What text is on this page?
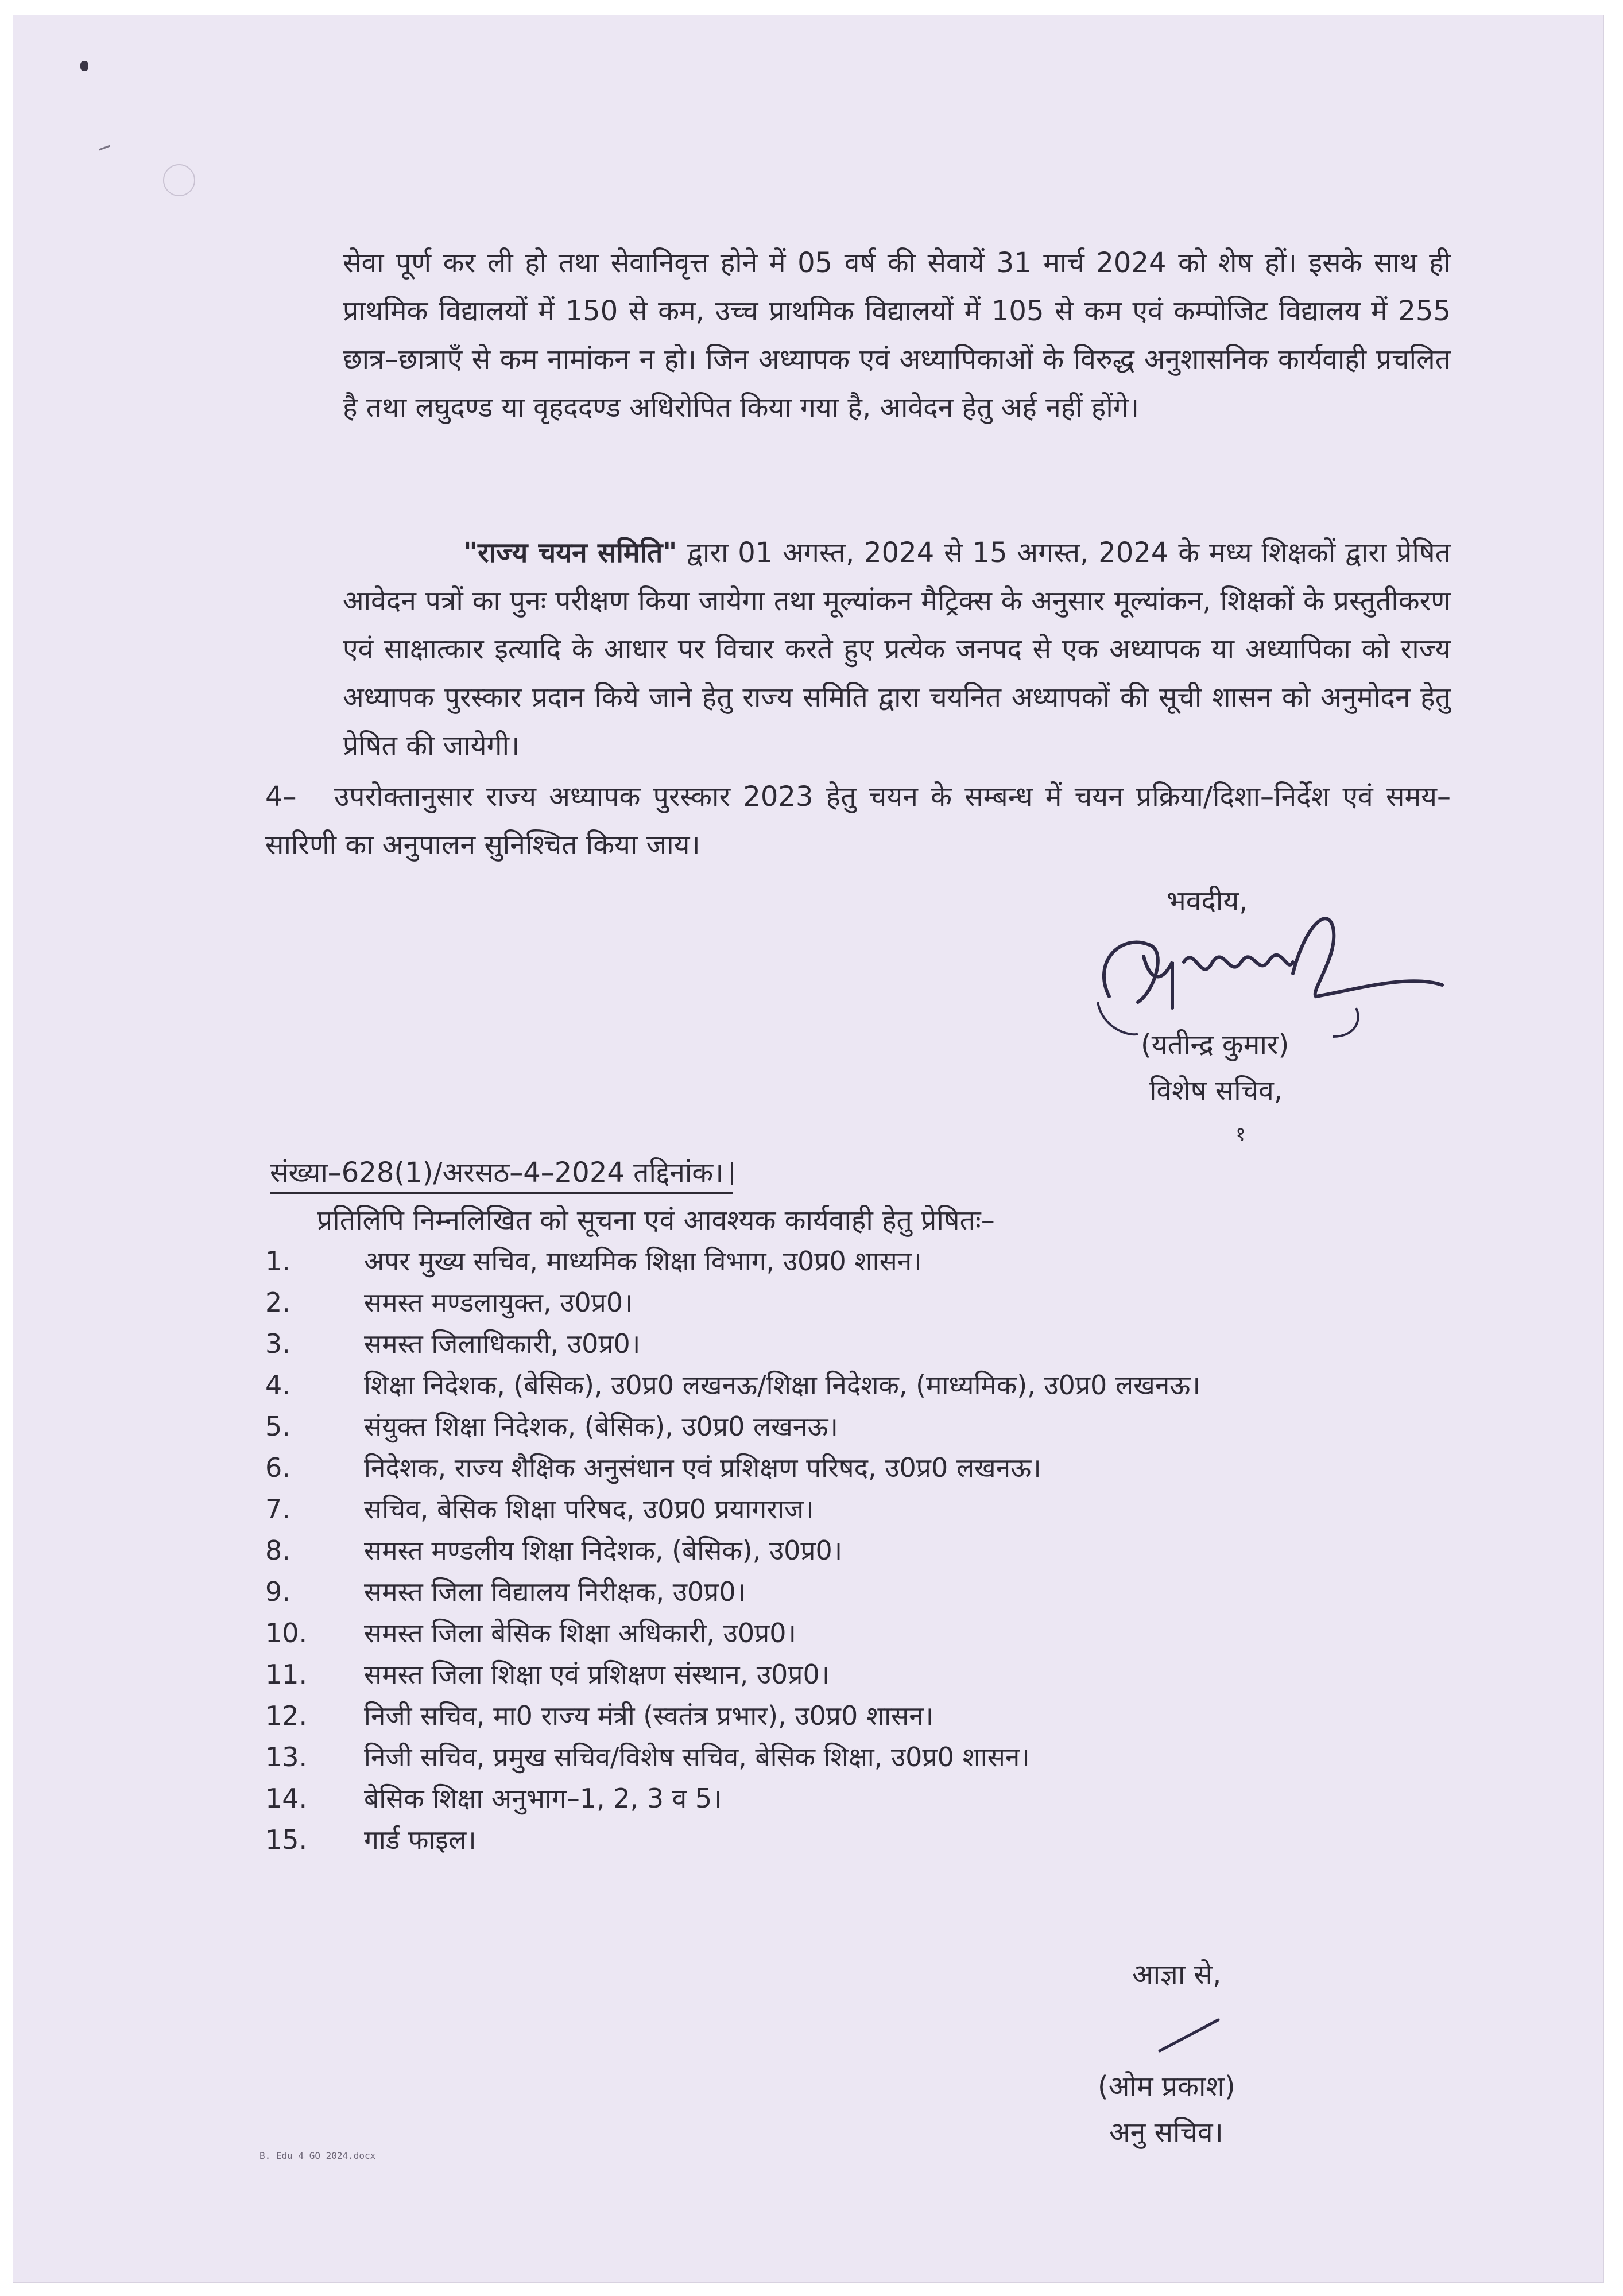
सेवा पूर्ण कर ली हो तथा सेवानिवृत्त होने में 05 वर्ष की सेवायें 31 मार्च 2024 को शेष हों। इसके साथ ही प्राथमिक विद्यालयों में 150 से कम, उच्च प्राथमिक विद्यालयों में 105 से कम एवं कम्पोजिट विद्यालय में 255 छात्र–छात्राएँ से कम नामांकन न हो। जिन अध्यापक एवं अध्यापिकाओं के विरुद्ध अनुशासनिक कार्यवाही प्रचलित है तथा लघुदण्ड या वृहददण्ड अधिरोपित किया गया है, आवेदन हेतु अर्ह नहीं होंगे।
"राज्य चयन समिति" द्वारा 01 अगस्त, 2024 से 15 अगस्त, 2024 के मध्य शिक्षकों द्वारा प्रेषित आवेदन पत्रों का पुनः परीक्षण किया जायेगा तथा मूल्यांकन मैट्रिक्स के अनुसार मूल्यांकन, शिक्षकों के प्रस्तुतीकरण एवं साक्षात्कार इत्यादि के आधार पर विचार करते हुए प्रत्येक जनपद से एक अध्यापक या अध्यापिका को राज्य अध्यापक पुरस्कार प्रदान किये जाने हेतु राज्य समिति द्वारा चयनित अध्यापकों की सूची शासन को अनुमोदन हेतु प्रेषित की जायेगी।
4– उपरोक्तानुसार राज्य अध्यापक पुरस्कार 2023 हेतु चयन के सम्बन्ध में चयन प्रक्रिया/दिशा–निर्देश एवं समय–सारिणी का अनुपालन सुनिश्चित किया जाय।
भवदीय,
(यतीन्द्र कुमार)
विशेष सचिव,
१
संख्या–628(1)/अरसठ–4–2024 तद्दिनांक।
प्रतिलिपि निम्नलिखित को सूचना एवं आवश्यक कार्यवाही हेतु प्रेषितः–
1.	अपर मुख्य सचिव, माध्यमिक शिक्षा विभाग, उ0प्र0 शासन।
2.	समस्त मण्डलायुक्त, उ0प्र0।
3.	समस्त जिलाधिकारी, उ0प्र0।
4.	शिक्षा निदेशक, (बेसिक), उ0प्र0 लखनऊ/शिक्षा निदेशक, (माध्यमिक), उ0प्र0 लखनऊ।
5.	संयुक्त शिक्षा निदेशक, (बेसिक), उ0प्र0 लखनऊ।
6.	निदेशक, राज्य शैक्षिक अनुसंधान एवं प्रशिक्षण परिषद, उ0प्र0 लखनऊ।
7.	सचिव, बेसिक शिक्षा परिषद, उ0प्र0 प्रयागराज।
8.	समस्त मण्डलीय शिक्षा निदेशक, (बेसिक), उ0प्र0।
9.	समस्त जिला विद्यालय निरीक्षक, उ0प्र0।
10.	समस्त जिला बेसिक शिक्षा अधिकारी, उ0प्र0।
11.	समस्त जिला शिक्षा एवं प्रशिक्षण संस्थान, उ0प्र0।
12.	निजी सचिव, मा0 राज्य मंत्री (स्वतंत्र प्रभार), उ0प्र0 शासन।
13.	निजी सचिव, प्रमुख सचिव/विशेष सचिव, बेसिक शिक्षा, उ0प्र0 शासन।
14.	बेसिक शिक्षा अनुभाग–1, 2, 3 व 5।
15.	गार्ड फाइल।
आज्ञा से,
(ओम प्रकाश)
अनु सचिव।
B. Edu 4 GO 2024.docx
